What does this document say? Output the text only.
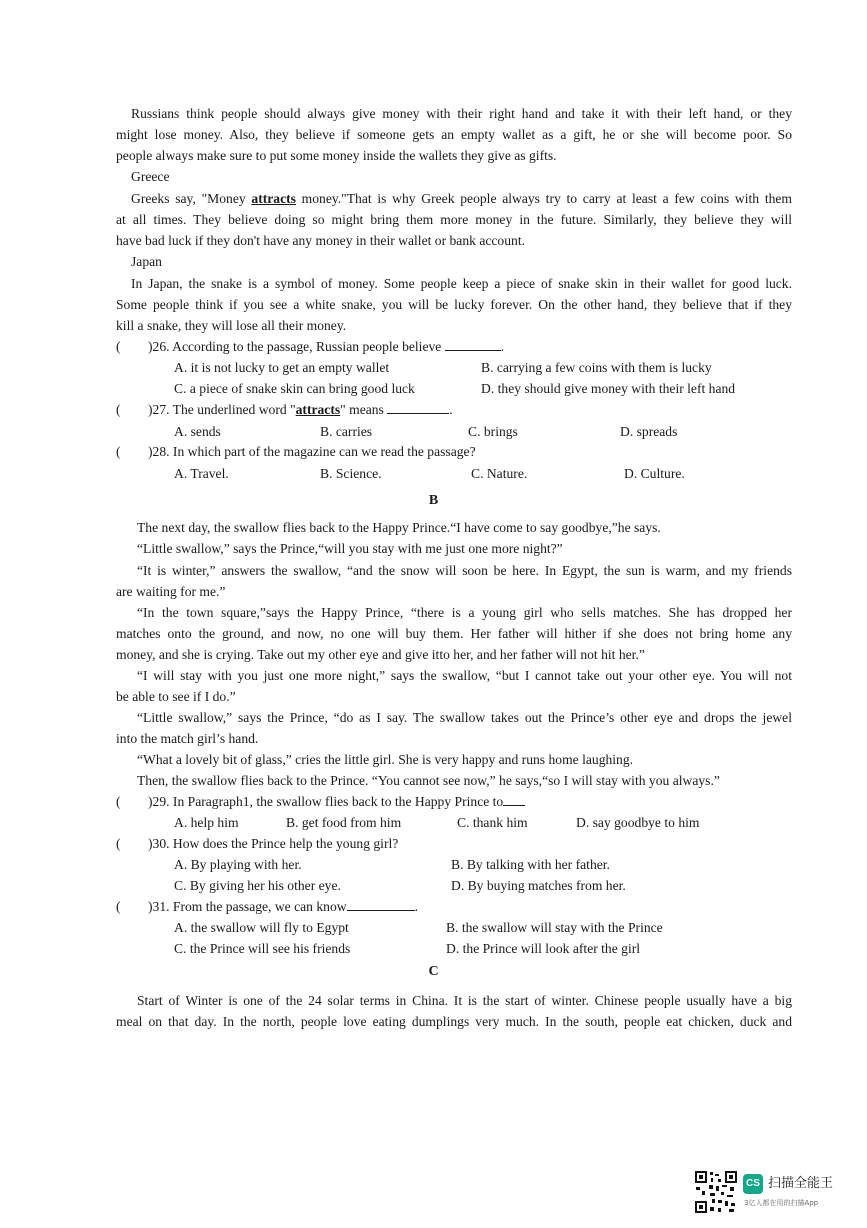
Russians think people should always give money with their right hand and take it with their left hand, or they
might lose money. Also, they believe if someone gets an empty wallet as a gift, he or she will become poor. So
people always make sure to put some money inside the wallets they give as gifts.
Greece
Greeks say, "Money attracts money."That is why Greek people always try to carry at least a few coins with them
at all times. They believe doing so might bring them more money in the future. Similarly, they believe they will
have bad luck if they don't have any money in their wallet or bank account.
Japan
In Japan, the snake is a symbol of money. Some people keep a piece of snake skin in their wallet for good luck.
Some people think if you see a white snake, you will be lucky forever. On the other hand, they believe that if they
kill a snake, they will lose all their money.
( )26. According to the passage, Russian people believe	.
A. it is not lucky to get an empty wallet	B. carrying a few coins with them is lucky
C. a piece of snake skin can bring good luck	D. they should give money with their left hand
( )27. The underlined word "attracts" means	.
A. sends	B. carries	C. brings	D. spreads
( )28. In which part of the magazine can we read the passage?
A. Travel.	B. Science.	C. Nature.	D. Culture.
B
The next day, the swallow flies back to the Happy Prince.“I have come to say goodbye,”he says.
“Little swallow,” says the Prince,“will you stay with me just one more night?”
“It is winter,” answers the swallow, “and the snow will soon be here. In Egypt, the sun is warm, and my friends
are waiting for me.”
“In the town square,”says the Happy Prince, “there is a young girl who sells matches. She has dropped her
matches onto the ground, and now, no one will buy them. Her father will hither if she does not bring home any
money, and she is crying. Take out my other eye and give itto her, and her father will not hit her.”
“I will stay with you just one more night,” says the swallow, “but I cannot take out your other eye. You will not
be able to see if I do.”
“Little swallow,” says the Prince, “do as I say. The swallow takes out the Prince’s other eye and drops the jewel
into the match girl’s hand.
“What a lovely bit of glass,” cries the little girl. She is very happy and runs home laughing.
Then, the swallow flies back to the Prince. “You cannot see now,” he says,“so I will stay with you always.”
( )29. In Paragraph1, the swallow flies back to the Happy Prince to
A. help him	B. get food from him	C. thank him	D. say goodbye to him
( )30. How does the Prince help the young girl?
A. By playing with her.	B. By talking with her father.
C. By giving her his other eye.	D. By buying matches from her.
( )31. From the passage, we can know	.
A. the swallow will fly to Egypt	B. the swallow will stay with the Prince
C. the Prince will see his friends	D. the Prince will look after the girl
C
Start of Winter is one of the 24 solar terms in China. It is the start of winter. Chinese people usually have a big
meal on that day. In the north, people love eating dumplings very much. In the south, people eat chicken, duck and
CS 扫描全能王
3亿人都在用的扫描App
